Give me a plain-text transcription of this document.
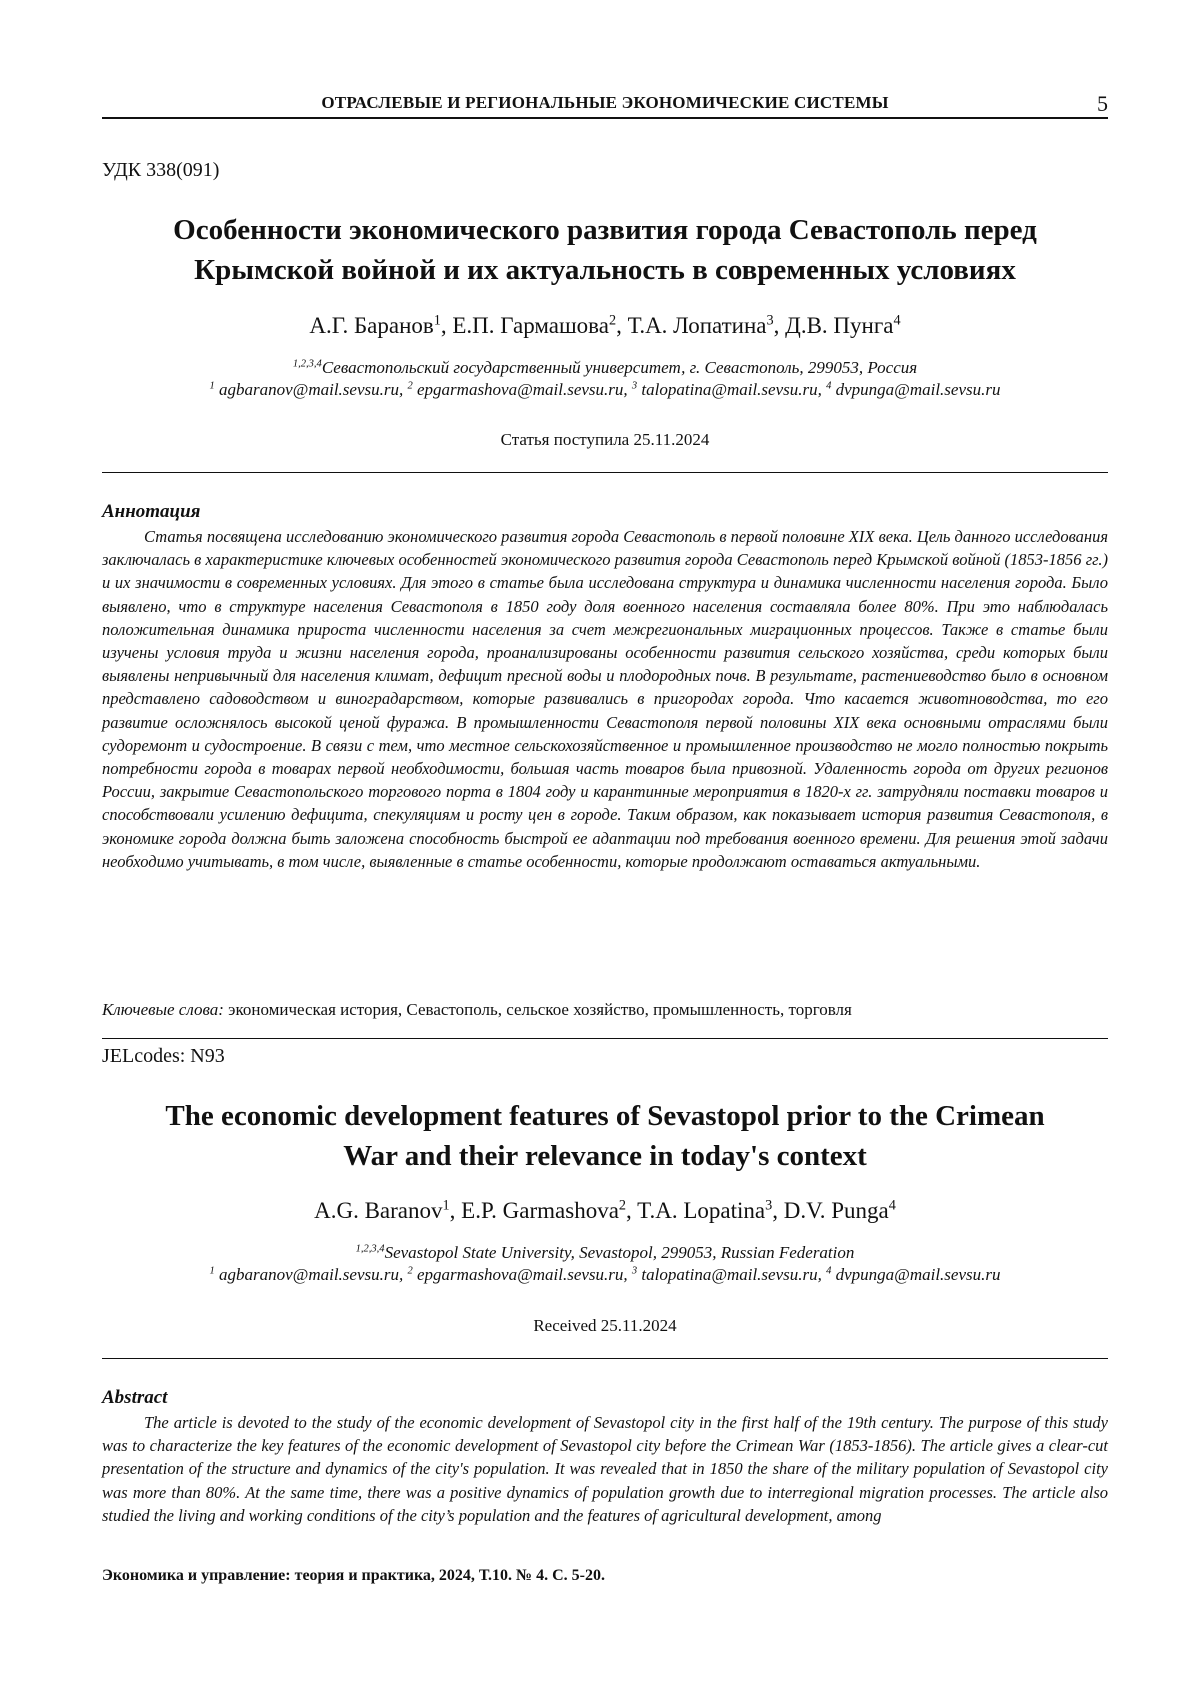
ОТРАСЛЕВЫЕ И РЕГИОНАЛЬНЫЕ ЭКОНОМИЧЕСКИЕ СИСТЕМЫ	5
УДК 338(091)
Особенности экономического развития города Севастополь перед
Крымской войной и их актуальность в современных условиях
А.Г. Баранов$^1$, Е.П. Гармашова$^2$, Т.А. Лопатина$^3$, Д.В. Пунга$^4$
$^{1,2,3,4}$Севастопольский государственный университет, г. Севастополь, 299053, Россия
$^1$ agbaranov@mail.sevsu.ru, $^2$ epgarmashova@mail.sevsu.ru, $^3$ talopatina@mail.sevsu.ru, $^4$ dvpunga@mail.sevsu.ru
Статья поступила 25.11.2024
Аннотация

Статья посвящена исследованию экономического развития города Севастополь в первой половине XIX века. Цель данного исследования заключалась в характеристике ключевых особенностей экономического развития города Севастополь перед Крымской войной (1853-1856 гг.) и их значимости в современных условиях. Для этого в статье была исследована структура и динамика численности населения города. Было выявлено, что в структуре населения Севастополя в 1850 году доля военного населения составляла более 80%. При это наблюдалась положительная динамика прироста численности населения за счет межрегиональных миграционных процессов. Также в статье были изучены условия труда и жизни населения города, проанализированы особенности развития сельского хозяйства, среди которых были выявлены непривычный для населения климат, дефицит пресной воды и плодородных почв. В результате, растениеводство было в основном представлено садоводством и виноградарством, которые развивались в пригородах города. Что касается животноводства, то его развитие осложнялось высокой ценой фуража. В промышленности Севастополя первой половины XIX века основными отраслями были судоремонт и судостроение. В связи с тем, что местное сельскохозяйственное и промышленное производство не могло полностью покрыть потребности города в товарах первой необходимости, большая часть товаров была привозной. Удаленность города от других регионов России, закрытие Севастопольского торгового порта в 1804 году и карантинные мероприятия в 1820-х гг. затрудняли поставки товаров и способствовали усилению дефицита, спекуляциям и росту цен в городе. Таким образом, как показывает история развития Севастополя, в экономике города должна быть заложена способность быстрой ее адаптации под требования военного времени. Для решения этой задачи необходимо учитывать, в том числе, выявленные в статье особенности, которые продолжают оставаться актуальными.

Ключевые слова: экономическая история, Севастополь, сельское хозяйство, промышленность, торговля
JELcodes: N93
The economic development features of Sevastopol prior to the Crimean
War and their relevance in today's context
A.G. Baranov$^1$, E.P. Garmashova$^2$, T.A. Lopatina$^3$, D.V. Punga$^4$
$^{1,2,3,4}$Sevastopol State University, Sevastopol, 299053, Russian Federation
$^1$ agbaranov@mail.sevsu.ru, $^2$ epgarmashova@mail.sevsu.ru, $^3$ talopatina@mail.sevsu.ru, $^4$ dvpunga@mail.sevsu.ru
Received 25.11.2024
Abstract

The article is devoted to the study of the economic development of Sevastopol city in the first half of the 19th century. The purpose of this study was to characterize the key features of the economic development of Sevastopol city before the Crimean War (1853-1856). The article gives a clear-cut presentation of the structure and dynamics of the city's population. It was revealed that in 1850 the share of the military population of Sevastopol city was more than 80%. At the same time, there was a positive dynamics of population growth due to interregional migration processes. The article also studied the living and working conditions of the city’s population and the features of agricultural development, among

Экономика и управление: теория и практика, 2024, Т.10. № 4. С. 5-20.
